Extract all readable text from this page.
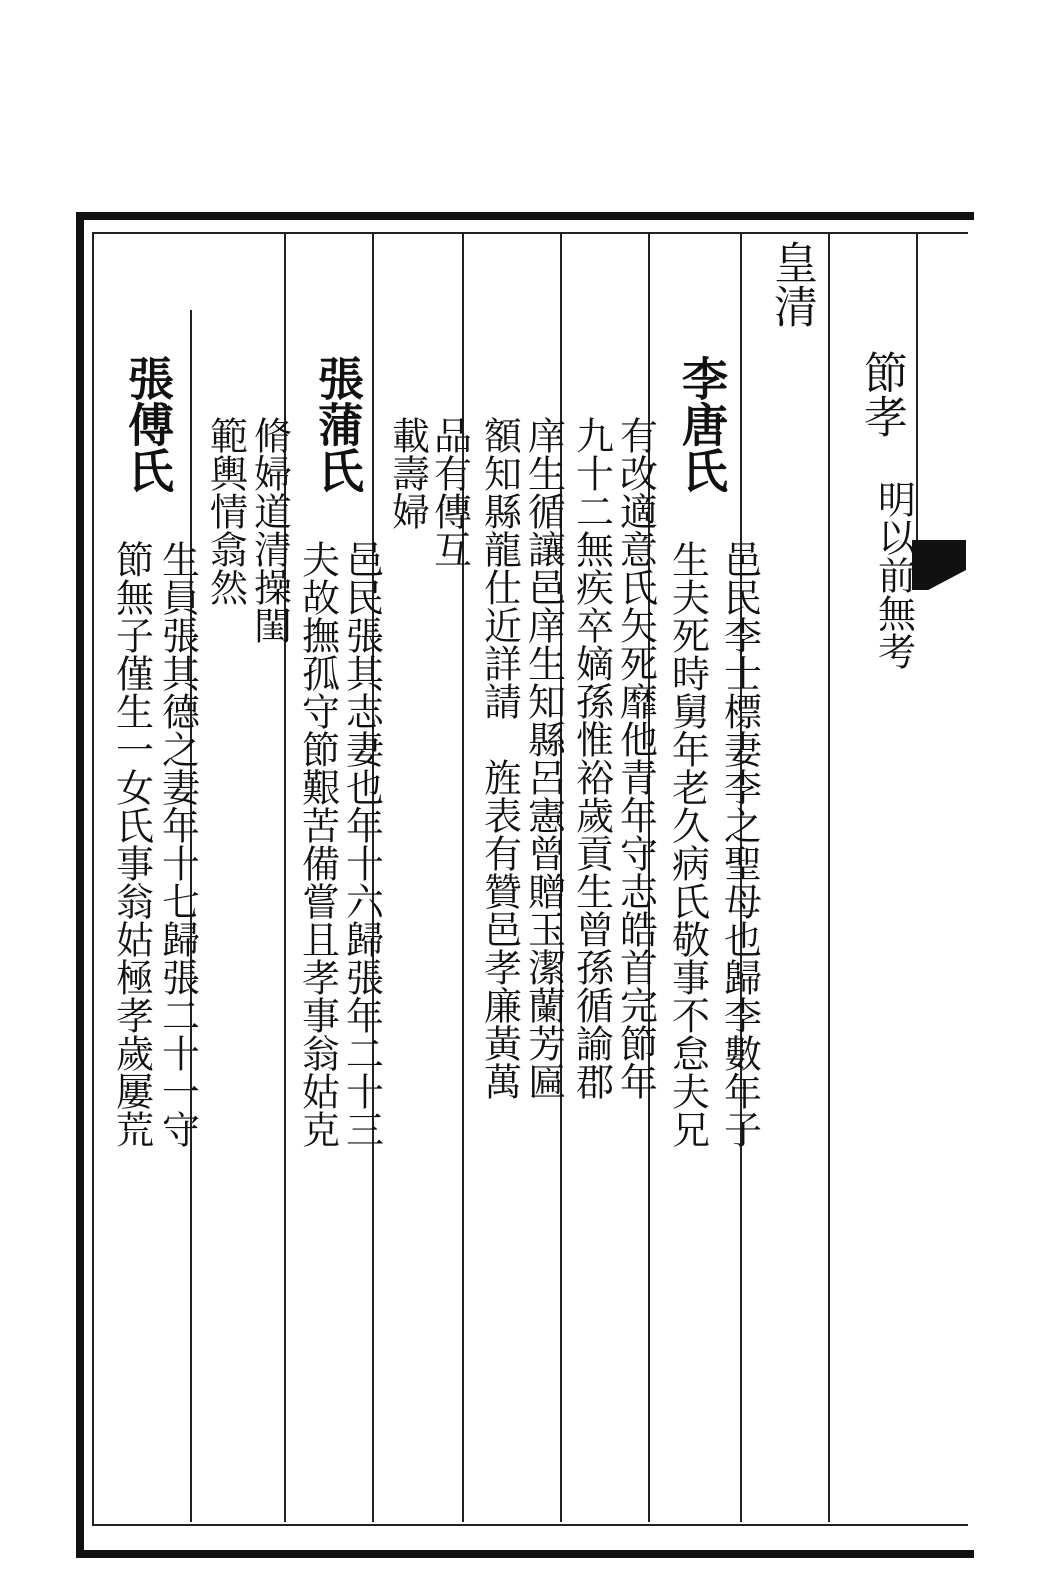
節孝
明以前無考
皇清
李唐氏
邑民李士標妻李之聖母也歸李數年子
生夫死時舅年老久病氏敬事不怠夫兄
有改適意氏矢死靡他青年守志皓首完節年
九十二無疾卒嫡孫惟裕歲貢生曾孫循諭郡
庠生循讓邑庠生知縣呂憲曾贈玉潔蘭芳匾
額知縣龍仕近詳請　旌表有贊邑孝廉黃萬
品有傳互
載壽婦
張蒲氏
邑民張其志妻也年十六歸張年二十三
夫故撫孤守節艱苦備嘗且孝事翁姑克
脩婦道清操閨
範輿情翕然
張傅氏
生員張其德之妻年十七歸張二十一守
節無子僅生一女氏事翁姑極孝歲屢荒
